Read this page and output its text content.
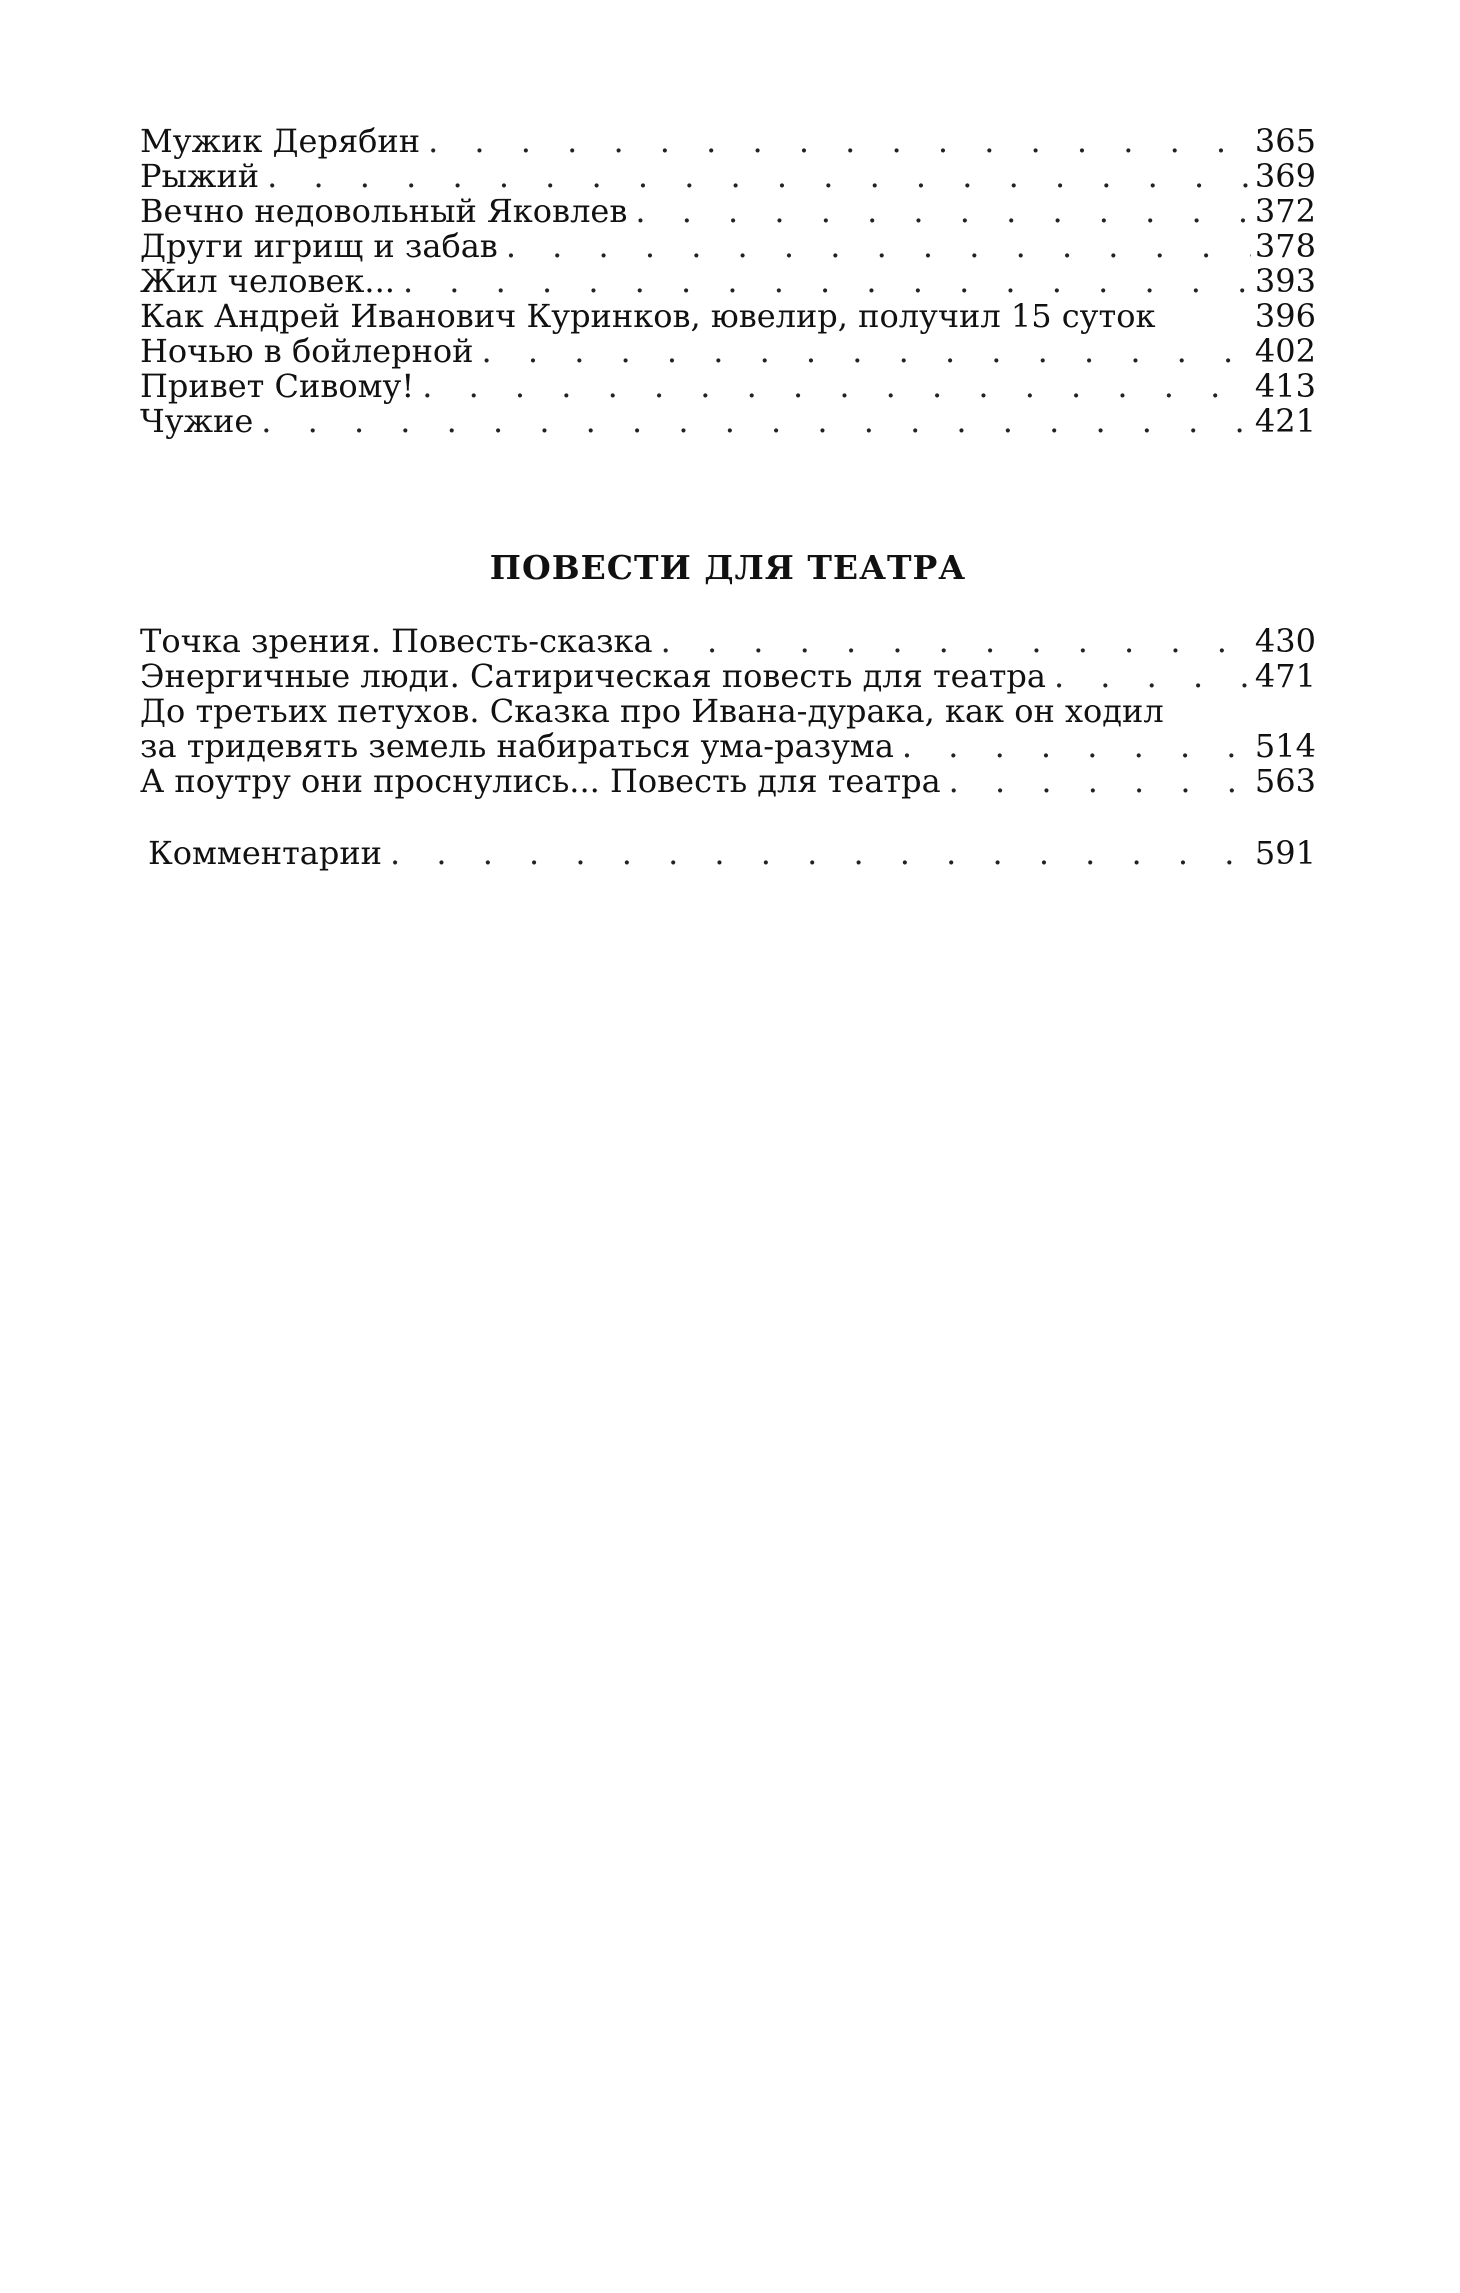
Мужик Дерябин . . .	365
Рыжий . . .	369
Вечно недовольный Яковлев . . .	372
Други игрищ и забав . . .	378
Жил человек... . . .	393
Как Андрей Иванович Куринков, ювелир, получил 15 суток	396
Ночью в бойлерной . . .	402
Привет Сивому! . . .	413
Чужие . . .	421
ПОВЕСТИ ДЛЯ ТЕАТРА
Точка зрения. Повесть-сказка . . .	430
Энергичные люди. Сатирическая повесть для театра . . .	471
До третьих петухов. Сказка про Ивана-дурака, как он ходил
за тридевять земель набираться ума-разума . . .	514
А поутру они проснулись... Повесть для театра . . .	563
Комментарии . . .	591
